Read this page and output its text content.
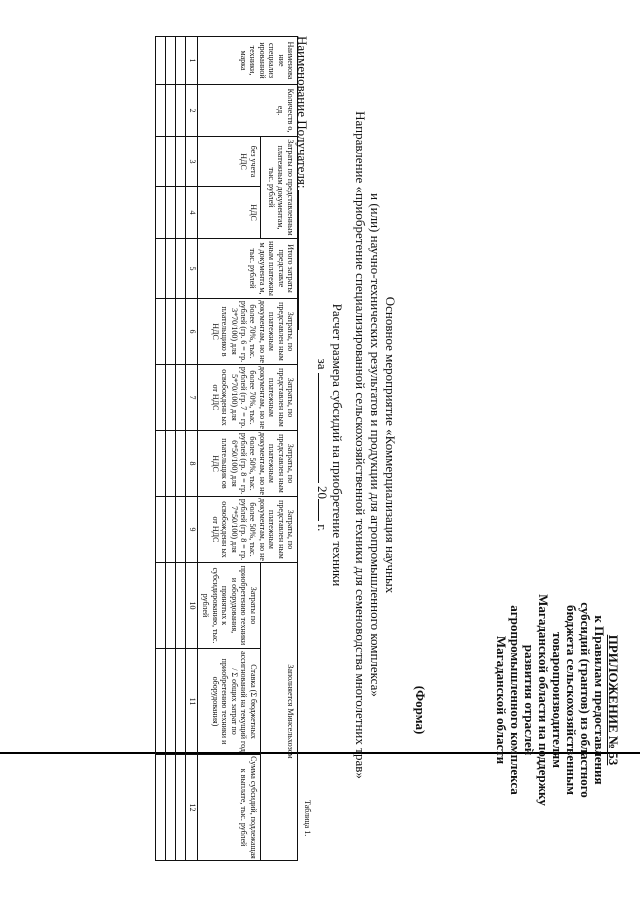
ПРИЛОЖЕНИЕ № 53
к Правилам предоставления
субсидий (грантов) из областного
бюджета сельскохозяйственным
товаропроизводителям
Магаданской области на поддержку
развития отраслей
агропромышленного комплекса
Магаданской области
(Форма)
Основное мероприятие «Коммерциализация научных
и (или) научно-технических результатов и продукции для агропромышленного комплекса»
Направление «приобретение специализированной сельскохозяйственной техники для семеноводства многолетних трав»
Расчет размера субсидий на приобретение техники
за  20 г.
Наименование Получателя:
Таблица 1.
Наименова ние специализ ированной техники, марка	Количеств о, ед.	Затраты по представленным платежным документам, тыс. рублей		Итого затраты представле нным платежны м документа м, тыс. рублей	Затраты, по представлен ным платежным документам, но не более 70%, тыс. рублей (гр. 6 = гр. 3*70/100) для плательщико в НДС	Затраты, по представлен ным платежным документам, но не более 70%, тыс. рублей (гр. 7 = гр. 5*70/100) для освобожденн ых от НДС	Затраты, по представлен ным платежным документам, но не более 50%, тыс. рублей (гр. 8 = гр. 6*50/100) для плательщик ов НДС	Затраты, по представлен ным платежным документам, но не более 50%, тыс. рублей (гр. 8 = гр. 7*50/100) для освобожденн ых от НДС	Заполняется Минсельхозом		
		без учета НДС	НДС						Затраты по приобретению техники и оборудования, принятых к субсидированию, тыс. рублей	Ставка (Σ бюджетных ассигнований на текущий год / Σ общих затрат по приобретению техники и оборудования)	Сумма субсидий, подлежащая к выплате, тыс. рублей
1	2	3	4	5	6	7	8	9	10	11	12
